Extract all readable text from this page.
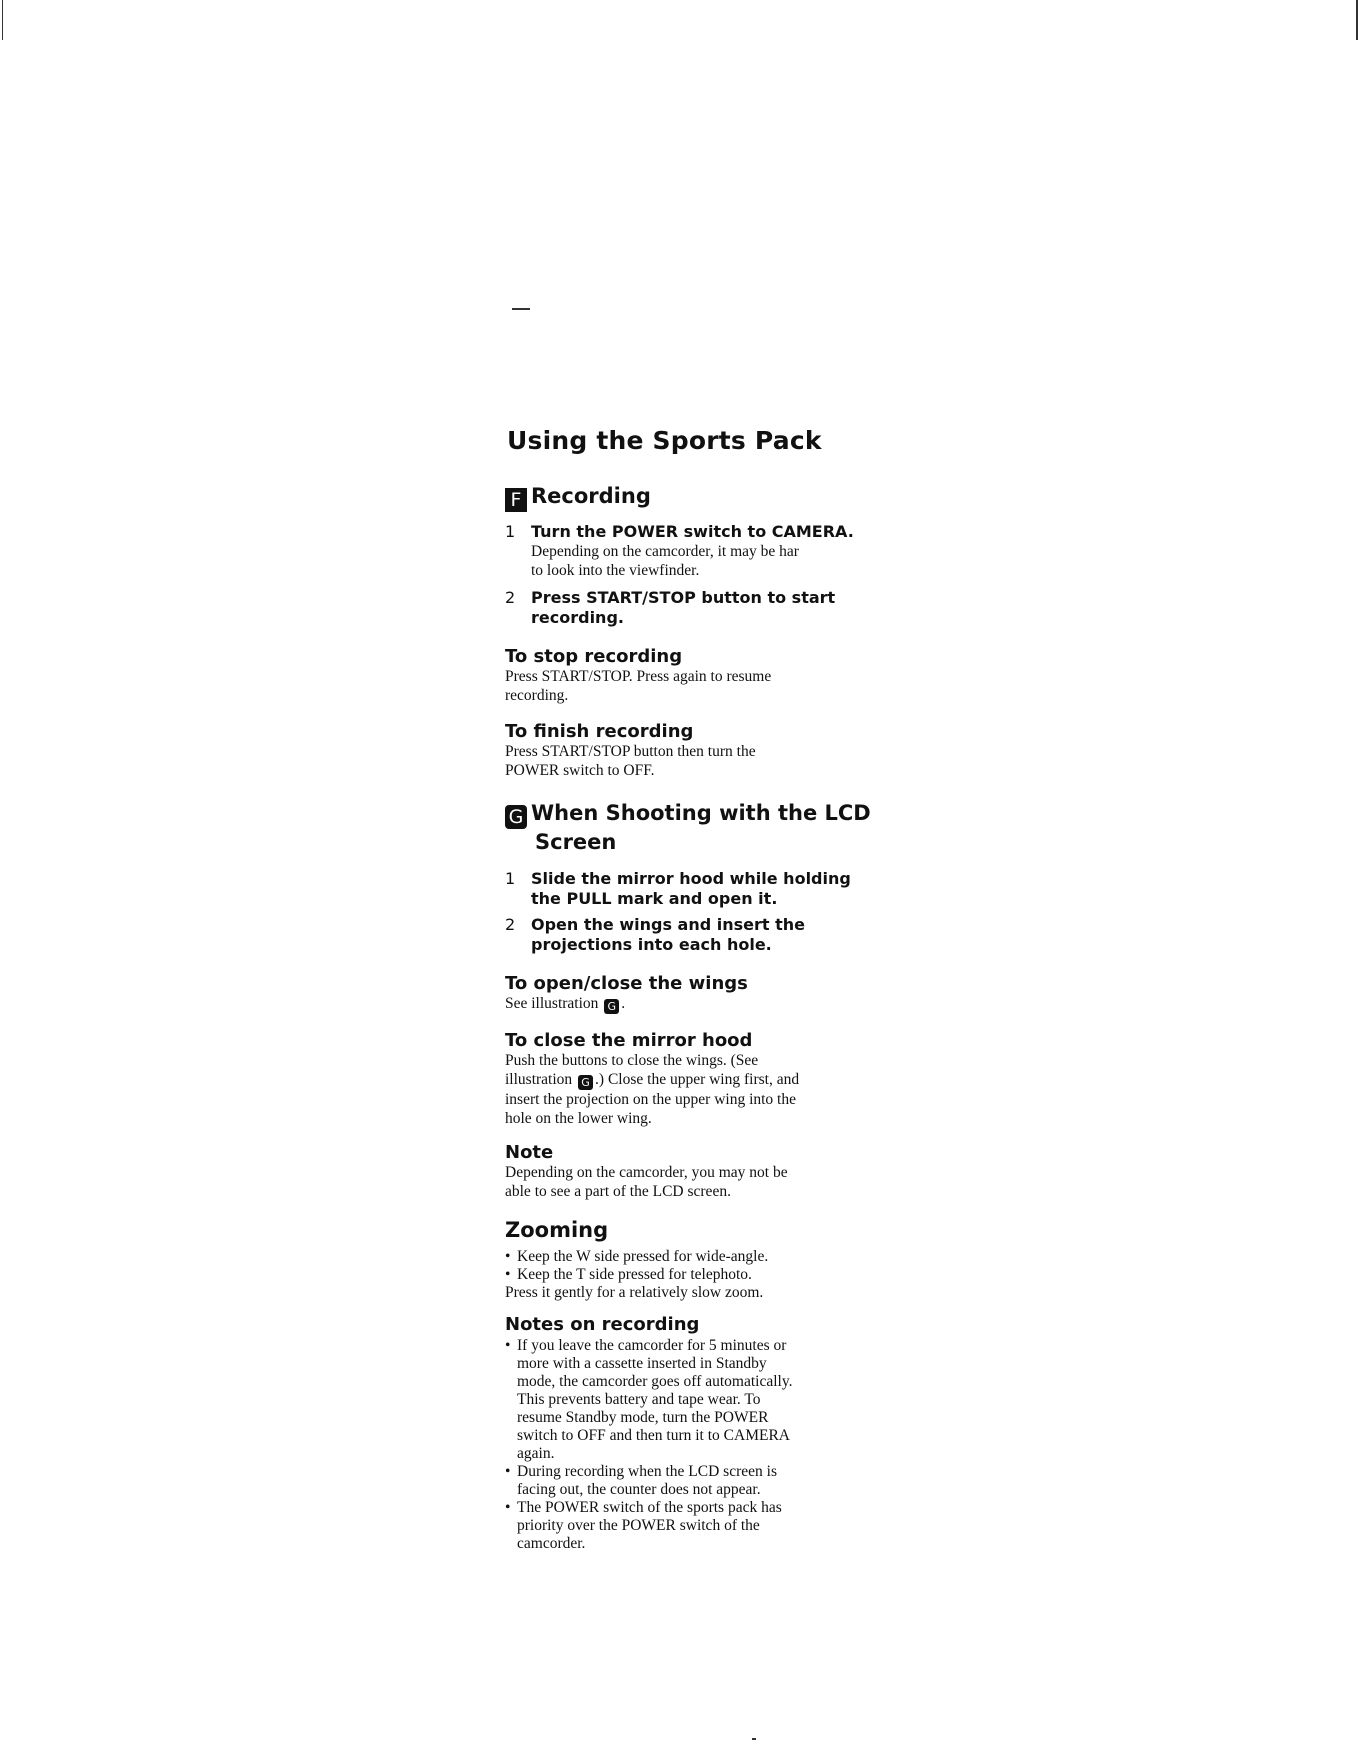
Using the Sports Pack
F Recording
1 Turn the POWER switch to CAMERA.
Depending on the camcorder, it may be har
to look into the viewfinder.
2 Press START/STOP button to start
recording.
To stop recording
Press START/STOP. Press again to resume
recording.
To finish recording
Press START/STOP button then turn the
POWER switch to OFF.
G When Shooting with the LCD
Screen
1 Slide the mirror hood while holding
the PULL mark and open it.
2 Open the wings and insert the
projections into each hole.
To open/close the wings
See illustration G .
To close the mirror hood
Push the buttons to close the wings. (See
illustration G .) Close the upper wing first, and
insert the projection on the upper wing into the
hole on the lower wing.
Note
Depending on the camcorder, you may not be
able to see a part of the LCD screen.
Zooming
• Keep the W side pressed for wide-angle.
• Keep the T side pressed for telephoto.
Press it gently for a relatively slow zoom.
Notes on recording
• If you leave the camcorder for 5 minutes or
more with a cassette inserted in Standby
mode, the camcorder goes off automatically.
This prevents battery and tape wear. To
resume Standby mode, turn the POWER
switch to OFF and then turn it to CAMERA
again.
• During recording when the LCD screen is
facing out, the counter does not appear.
• The POWER switch of the sports pack has
priority over the POWER switch of the
camcorder.
